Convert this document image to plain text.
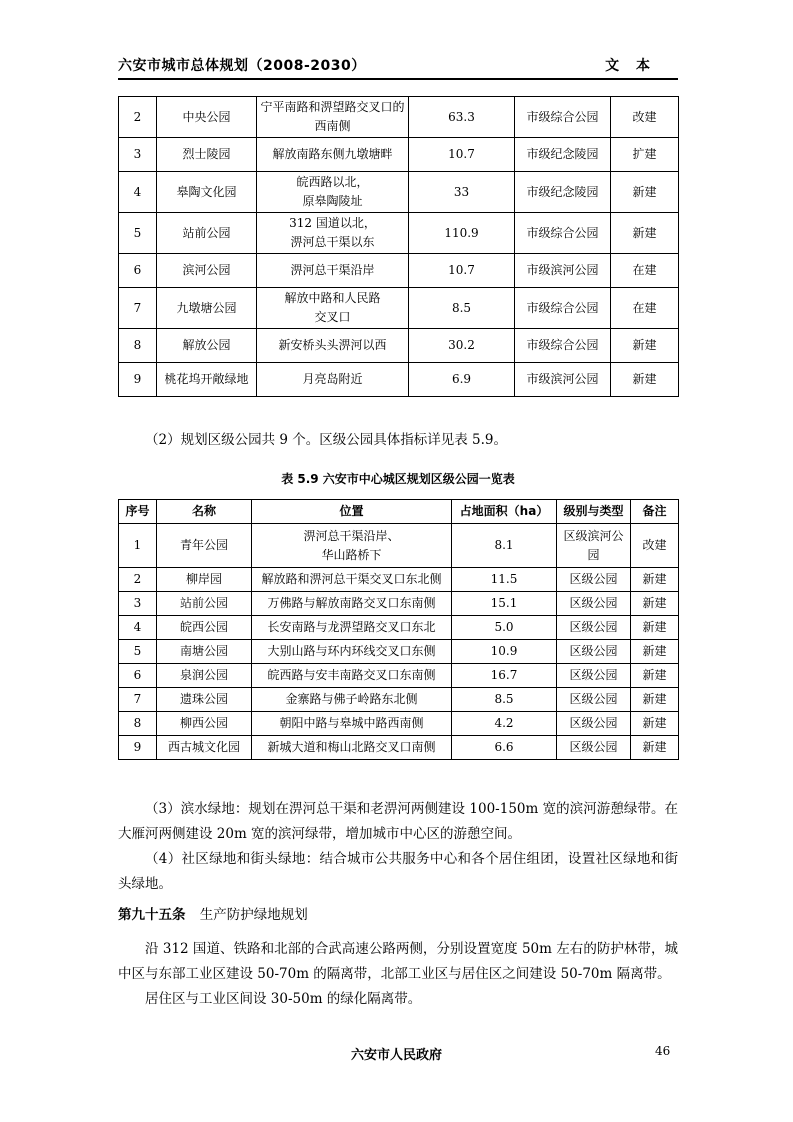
六安市城市总体规划（2008-2030）	文 本
2	中央公园	宁平南路和淠望路交叉口的
西南侧	63.3	市级综合公园	改建
3	烈士陵园	解放南路东侧九墩塘畔	10.7	市级纪念陵园	扩建
4	皋陶文化园	皖西路以北，
原皋陶陵址	33	市级纪念陵园	新建
5	站前公园	312 国道以北，
淠河总干渠以东	110.9	市级综合公园	新建
6	滨河公园	淠河总干渠沿岸	10.7	市级滨河公园	在建
7	九墩塘公园	解放中路和人民路
交叉口	8.5	市级综合公园	在建
8	解放公园	新安桥头头淠河以西	30.2	市级综合公园	新建
9	桃花坞开敞绿地	月亮岛附近	6.9	市级滨河公园	新建
（2）规划区级公园共 9 个。区级公园具体指标详见表 5.9。
表 5.9 六安市中心城区规划区级公园一览表
序号	名称	位置	占地面积（ha）	级别与类型	备注
1	青年公园	淠河总干渠沿岸、
华山路桥下	8.1	区级滨河公园	改建
2	柳岸园	解放路和淠河总干渠交叉口东北侧	11.5	区级公园	新建
3	站前公园	万佛路与解放南路交叉口东南侧	15.1	区级公园	新建
4	皖西公园	长安南路与龙淠望路交叉口东北	5.0	区级公园	新建
5	南塘公园	大别山路与环内环线交叉口东侧	10.9	区级公园	新建
6	泉润公园	皖西路与安丰南路交叉口东南侧	16.7	区级公园	新建
7	遗珠公园	金寨路与佛子岭路东北侧	8.5	区级公园	新建
8	柳西公园	朝阳中路与皋城中路西南侧	4.2	区级公园	新建
9	西古城文化园	新城大道和梅山北路交叉口南侧	6.6	区级公园	新建
（3）滨水绿地：规划在淠河总干渠和老淠河两侧建设 100-150m 宽的滨河游憩绿带。在大雁河两侧建设 20m 宽的滨河绿带，增加城市中心区的游憩空间。
（4）社区绿地和街头绿地：结合城市公共服务中心和各个居住组团，设置社区绿地和街头绿地。
第九十五条 生产防护绿地规划
沿 312 国道、铁路和北部的合武高速公路两侧，分别设置宽度 50m 左右的防护林带，城中区与东部工业区建设 50-70m 的隔离带，北部工业区与居住区之间建设 50-70m 隔离带。
居住区与工业区间设 30-50m 的绿化隔离带。
六安市人民政府	46
